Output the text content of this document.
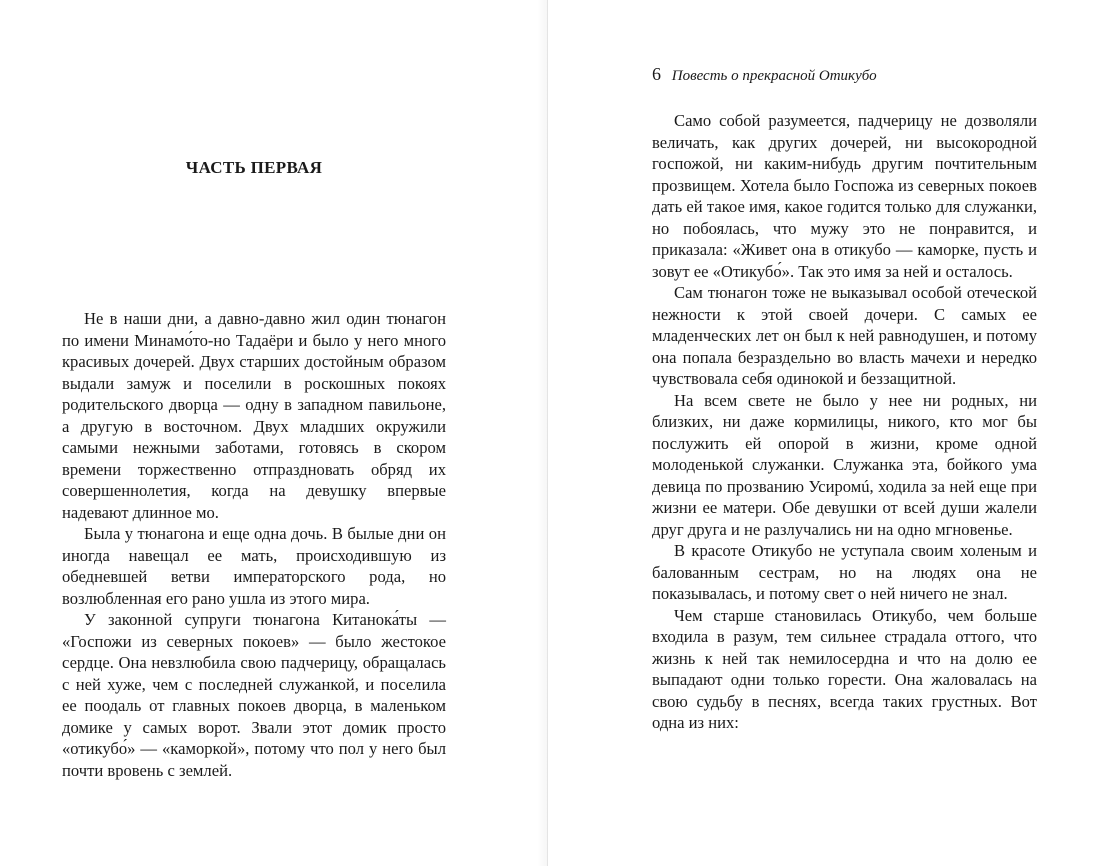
ЧАСТЬ ПЕРВАЯ

Не в наши дни, а давно-давно жил один тюнагон по имени Минамо́то-но Тадаёри и было у него много красивых дочерей. Двух старших достойным образом выдали замуж и поселили в роскошных покоях родительского дворца — одну в западном павильоне, а другую в восточном. Двух младших окружили самыми нежными заботами, готовясь в скором времени торжественно отпраздновать обряд их совершеннолетия, когда на девушку впервые надевают длинное мо.

Была у тюнагона и еще одна дочь. В былые дни он иногда навещал ее мать, происходившую из обедневшей ветви императорского рода, но возлюбленная его рано ушла из этого мира.

У законной супруги тюнагона Китанока́ты — «Госпожи из северных покоев» — было жестокое сердце. Она невзлюбила свою падчерицу, обращалась с ней хуже, чем с последней служанкой, и поселила ее поодаль от главных покоев дворца, в маленьком домике у самых ворот. Звали этот домик просто «отикубо́» — «каморкой», потому что пол у него был почти вровень с землей.

6 Повесть о прекрасной Отикубо

Само собой разумеется, падчерицу не дозволяли величать, как других дочерей, ни высокородной госпожой, ни каким-нибудь другим почтительным прозвищем. Хотела было Госпожа из северных покоев дать ей такое имя, какое годится только для служанки, но побоялась, что мужу это не понравится, и приказала: «Живет она в отикубо — каморке, пусть и зовут ее «Отикубо́». Так это имя за ней и осталось.

Сам тюнагон тоже не выказывал особой отеческой нежности к этой своей дочери. С самых ее младенческих лет он был к ней равнодушен, и потому она попала безраздельно во власть мачехи и нередко чувствовала себя одинокой и беззащитной.

На всем свете не было у нее ни родных, ни близких, ни даже кормилицы, никого, кто мог бы послужить ей опорой в жизни, кроме одной молоденькой служанки. Служанка эта, бойкого ума девица по прозванию Усиромú, ходила за ней еще при жизни ее матери. Обе девушки от всей души жалели друг друга и не разлучались ни на одно мгновенье.

В красоте Отикубо не уступала своим холеным и балованным сестрам, но на людях она не показывалась, и потому свет о ней ничего не знал.

Чем старше становилась Отикубо, чем больше входила в разум, тем сильнее страдала оттого, что жизнь к ней так немилосердна и что на долю ее выпадают одни только горести. Она жаловалась на свою судьбу в песнях, всегда таких грустных. Вот одна из них:
